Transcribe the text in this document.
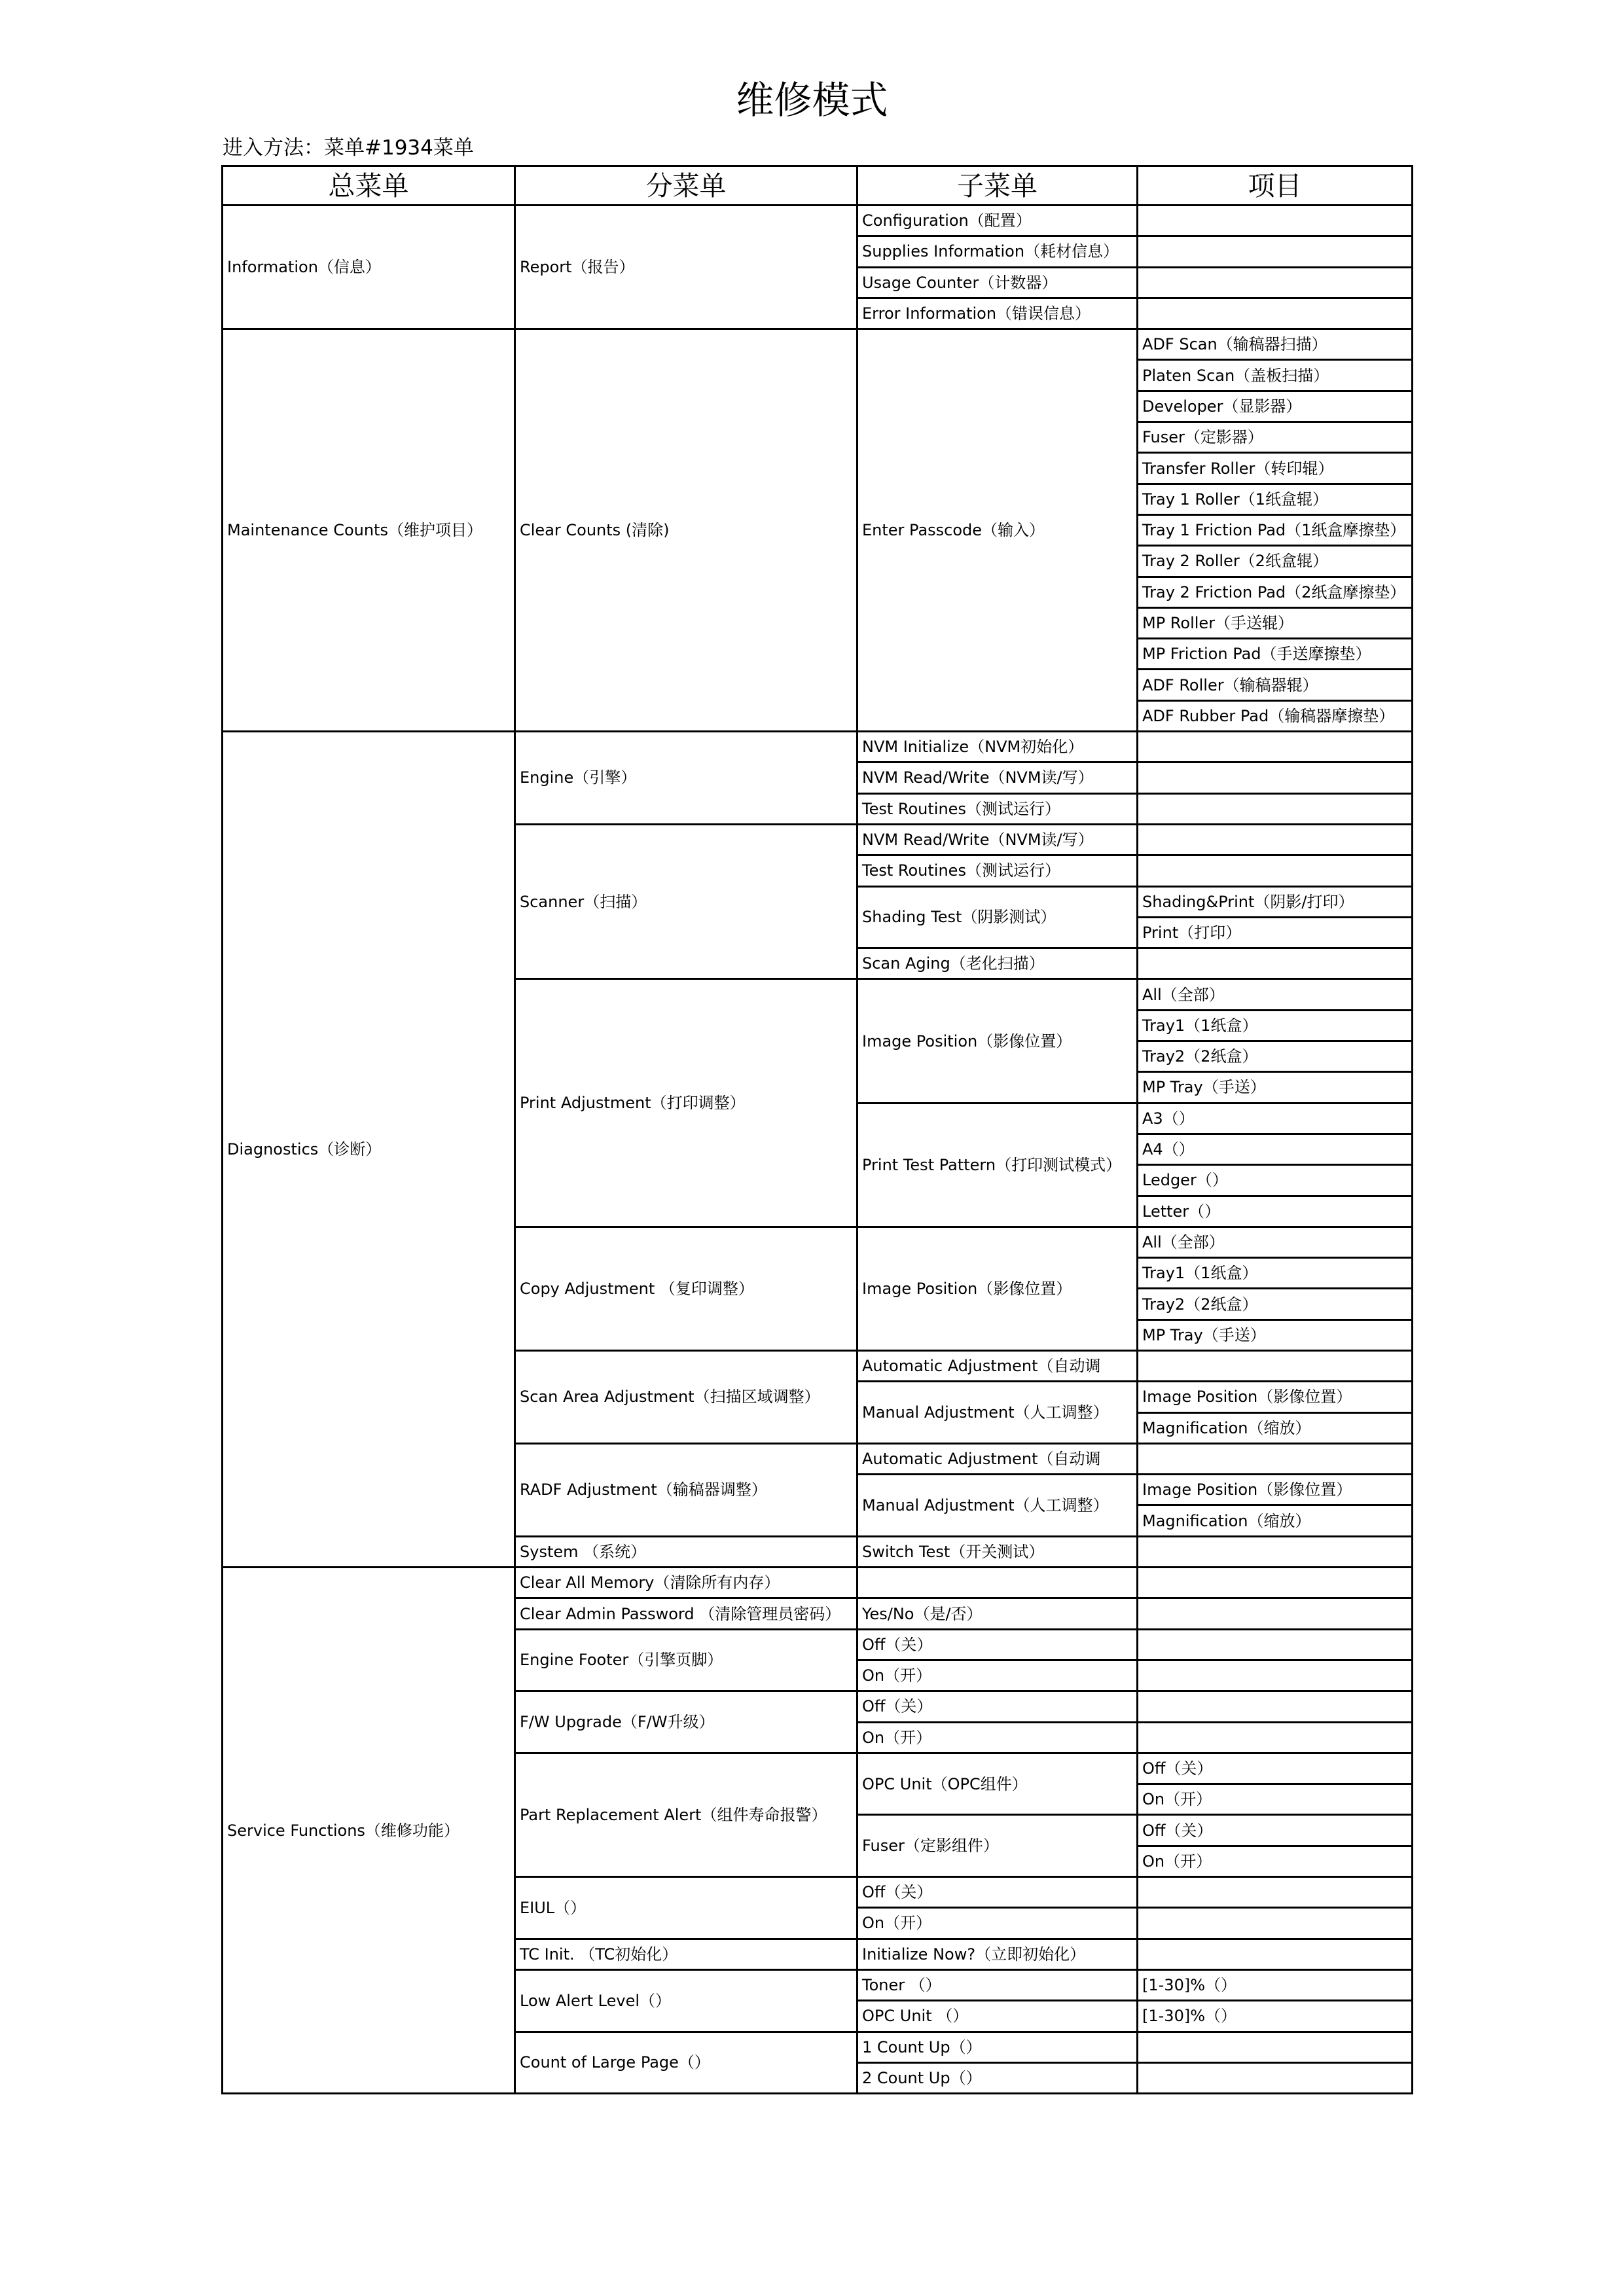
维修模式
进入方法：菜单#1934菜单
总菜单	分菜单	子菜单	项目
Information（信息）	Report（报告）	Configuration（配置）	
		Supplies Information（耗材信息）	
		Usage Counter（计数器）	
		Error Information（错误信息）	
Maintenance Counts（维护项目）	Clear Counts (清除)	Enter Passcode（输入）	ADF Scan（输稿器扫描）
			Platen Scan（盖板扫描）
			Developer（显影器）
			Fuser（定影器）
			Transfer Roller（转印辊）
			Tray 1 Roller（1纸盒辊）
			Tray 1 Friction Pad（1纸盒摩擦垫）
			Tray 2 Roller（2纸盒辊）
			Tray 2 Friction Pad（2纸盒摩擦垫）
			MP Roller（手送辊）
			MP Friction Pad（手送摩擦垫）
			ADF Roller（输稿器辊）
			ADF Rubber Pad（输稿器摩擦垫）
Diagnostics（诊断）	Engine（引擎）	NVM Initialize（NVM初始化）	
		NVM Read/Write（NVM读/写）	
		Test Routines（测试运行）	
	Scanner（扫描）	NVM Read/Write（NVM读/写）	
		Test Routines（测试运行）	
		Shading Test（阴影测试）	Shading&Print（阴影/打印）
			Print（打印）
		Scan Aging（老化扫描）	
	Print Adjustment（打印调整）	Image Position（影像位置）	All（全部）
			Tray1（1纸盒）
			Tray2（2纸盒）
			MP Tray（手送）
		Print Test Pattern（打印测试模式）	A3（）
			A4（）
			Ledger（）
			Letter（）
	Copy Adjustment （复印调整）	Image Position（影像位置）	All（全部）
			Tray1（1纸盒）
			Tray2（2纸盒）
			MP Tray（手送）
	Scan Area Adjustment（扫描区域调整）	Automatic Adjustment（自动调	
		Manual Adjustment（人工调整）	Image Position（影像位置）
			Magnification（缩放）
	RADF Adjustment（输稿器调整）	Automatic Adjustment（自动调	
		Manual Adjustment（人工调整）	Image Position（影像位置）
			Magnification（缩放）
	System （系统）	Switch Test（开关测试）	
Service Functions（维修功能）	Clear All Memory（清除所有内存）		
	Clear Admin Password （清除管理员密码）	Yes/No（是/否）	
	Engine Footer（引擎页脚）	Off（关）	
		On（开）	
	F/W Upgrade（F/W升级）	Off（关）	
		On（开）	
	Part Replacement Alert（组件寿命报警）	OPC Unit（OPC组件）	Off（关）
			On（开）
		Fuser（定影组件）	Off（关）
			On（开）
	EIUL（）	Off（关）	
		On（开）	
	TC Init. （TC初始化）	Initialize Now?（立即初始化）	
	Low Alert Level（）	Toner （）	[1-30]%（）
		OPC Unit （）	[1-30]%（）
	Count of Large Page（）	1 Count Up（）	
		2 Count Up（）	
